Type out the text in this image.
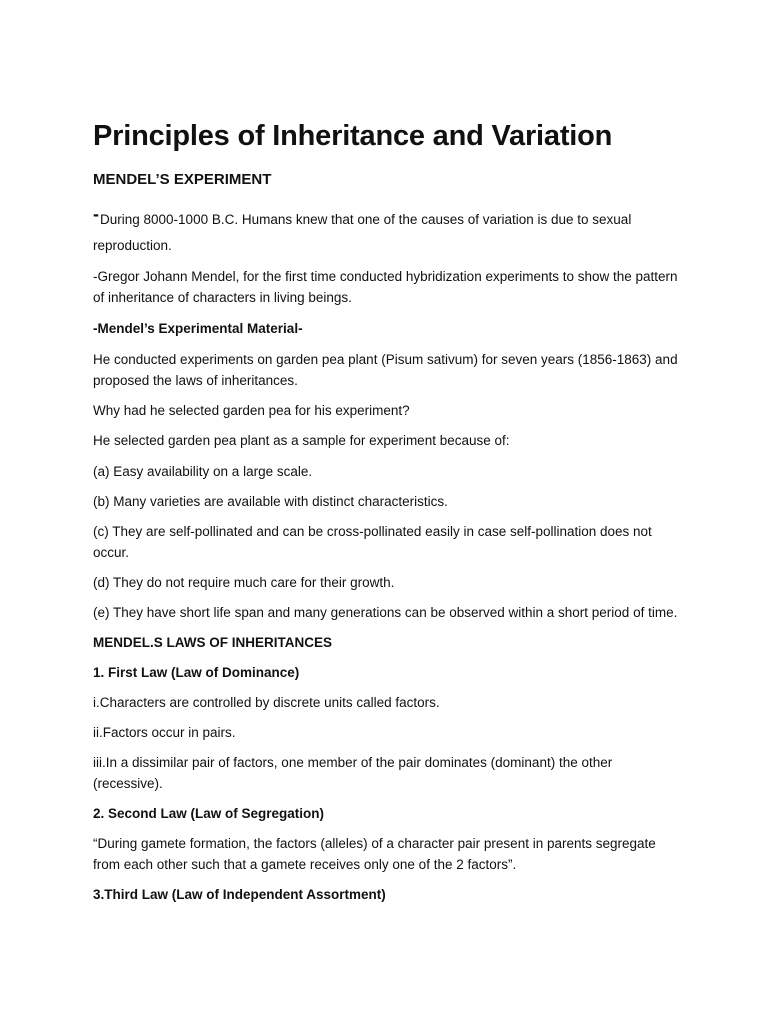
Principles of Inheritance and Variation
MENDEL’S EXPERIMENT

-During 8000-1000 B.C. Humans knew that one of the causes of variation is due to sexual

reproduction.

-Gregor Johann Mendel, for the first time conducted hybridization experiments to show the pattern of inheritance of characters in living beings.

-Mendel’s Experimental Material-

He conducted experiments on garden pea plant (Pisum sativum) for seven years (1856-1863) and proposed the laws of inheritances.

Why had he selected garden pea for his experiment?

He selected garden pea plant as a sample for experiment because of:

(a) Easy availability on a large scale.

(b) Many varieties are available with distinct characteristics.

(c) They are self-pollinated and can be cross-pollinated easily in case self-pollination does not occur.

(d) They do not require much care for their growth.

(e) They have short life span and many generations can be observed within a short period of time.

MENDEL.S LAWS OF INHERITANCES

1. First Law (Law of Dominance)

i.Characters are controlled by discrete units called factors.

ii.Factors occur in pairs.

iii.In a dissimilar pair of factors, one member of the pair dominates (dominant) the other (recessive).

2. Second Law (Law of Segregation)

“During gamete formation, the factors (alleles) of a character pair present in parents segregate from each other such that a gamete receives only one of the 2 factors”.

3.Third Law (Law of Independent Assortment)
